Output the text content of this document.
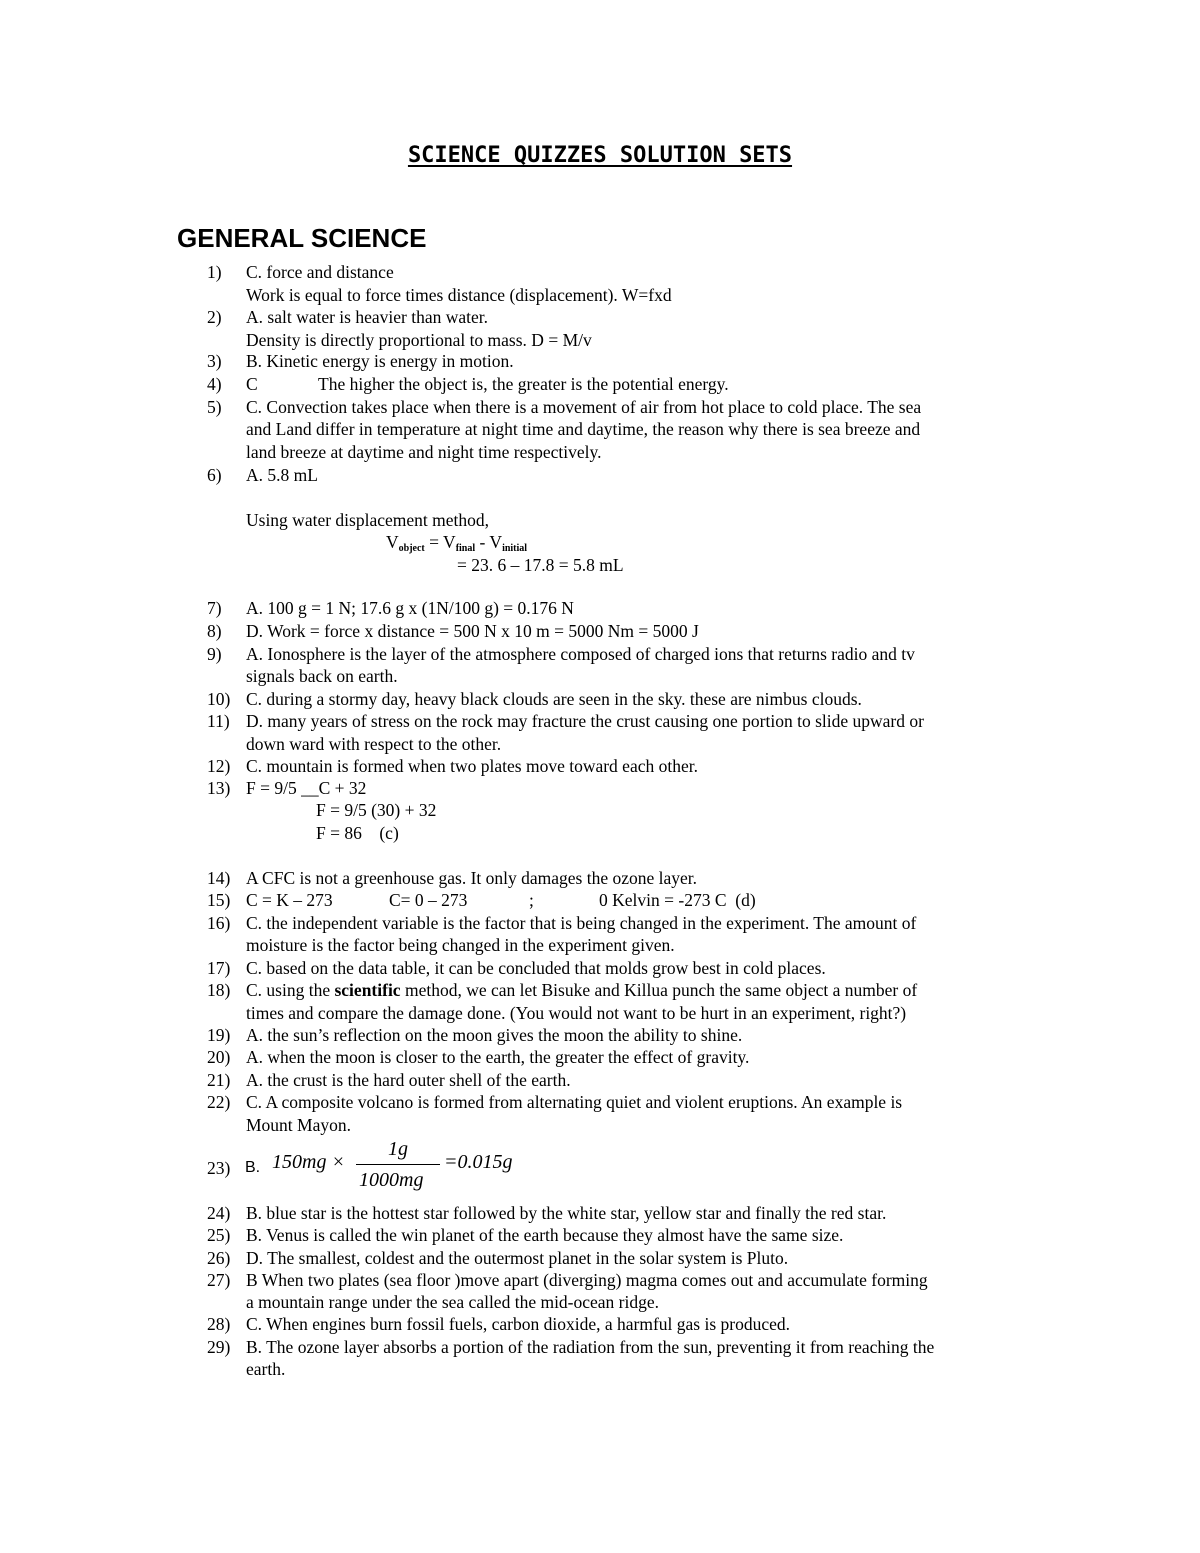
SCIENCE QUIZZES SOLUTION SETS
GENERAL SCIENCE
1)	C. force and distance
Work is equal to force times distance (displacement). W=fxd
2)	A. salt water is heavier than water.
Density is directly proportional to mass. D = M/v
3)	B. Kinetic energy is energy in motion.
4)	C	The higher the object is, the greater is the potential energy.
5)	C. Convection takes place when there is a movement of air from hot place to cold place. The sea
and Land differ in temperature at night time and daytime, the reason why there is sea breeze and
land breeze at daytime and night time respectively.
6)	A. 5.8 mL
Using water displacement method,
$V_{object} = V_{final} - V_{initial}$
= 23. 6 – 17.8 = 5.8 mL
7)	A. 100 g = 1 N; 17.6 g x (1N/100 g) = 0.176 N
8)	D. Work = force x distance = 500 N x 10 m = 5000 Nm = 5000 J
9)	A. Ionosphere is the layer of the atmosphere composed of charged ions that returns radio and tv
signals back on earth.
10) C. during a stormy day, heavy black clouds are seen in the sky. these are nimbus clouds.
11) D. many years of stress on the rock may fracture the crust causing one portion to slide upward or
down ward with respect to the other.
12) C. mountain is formed when two plates move toward each other.
13) F = 9/5 __C + 32
F = 9/5 (30) + 32
F = 86    (c)
14) A CFC is not a greenhouse gas. It only damages the ozone layer.
15) C = K – 273	C= 0 – 273	;	0 Kelvin = -273 C  (d)
16) C. the independent variable is the factor that is being changed in the experiment. The amount of
moisture is the factor being changed in the experiment given.
17) C. based on the data table, it can be concluded that molds grow best in cold places.
18) C. using the scientific method, we can let Bisuke and Killua punch the same object a number of
times and compare the damage done. (You would not want to be hurt in an experiment, right?)
19) A. the sun’s reflection on the moon gives the moon the ability to shine.
20) A. when the moon is closer to the earth, the greater the effect of gravity.
21) A. the crust is the hard outer shell of the earth.
22) C. A composite volcano is formed from alternating quiet and violent eruptions. An example is
Mount Mayon.
23) B. 150mg ×
1g
1000mg
=0.015g
24) B. blue star is the hottest star followed by the white star, yellow star and finally the red star.
25) B. Venus is called the win planet of the earth because they almost have the same size.
26) D. The smallest, coldest and the outermost planet in the solar system is Pluto.
27) B When two plates (sea floor )move apart (diverging) magma comes out and accumulate forming
a mountain range under the sea called the mid-ocean ridge.
28) C. When engines burn fossil fuels, carbon dioxide, a harmful gas is produced.
29) B. The ozone layer absorbs a portion of the radiation from the sun, preventing it from reaching the
earth.
